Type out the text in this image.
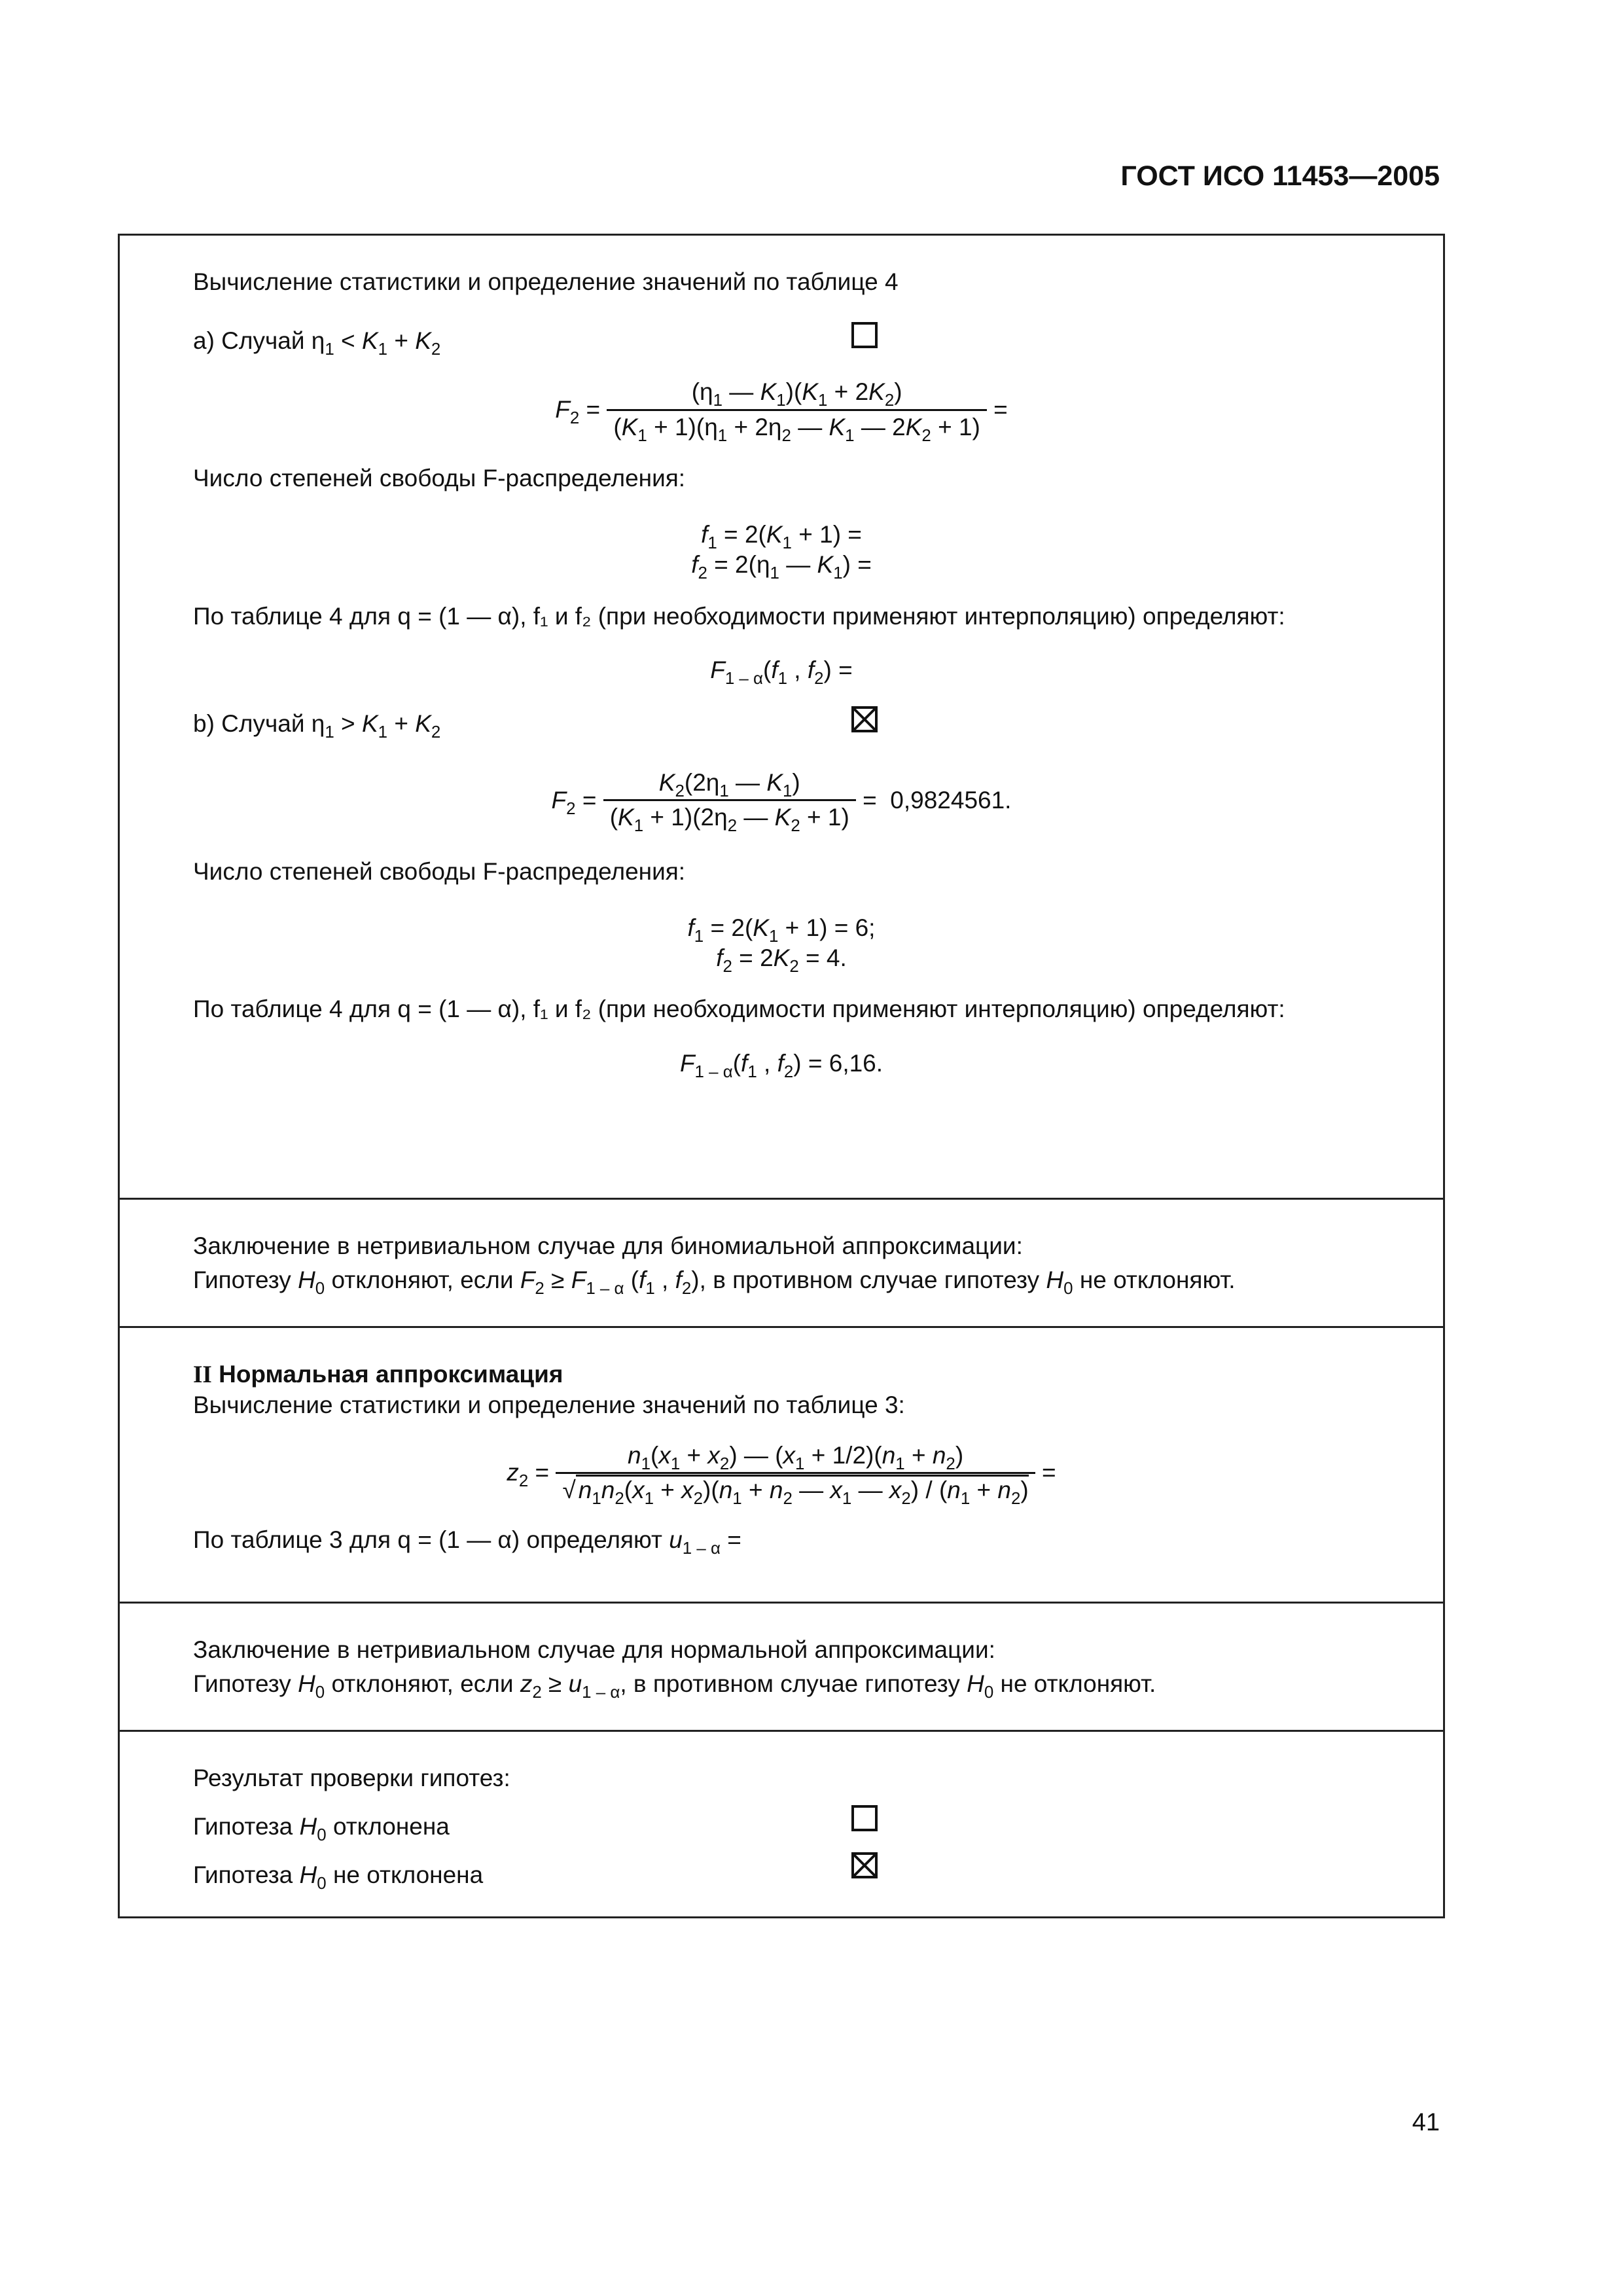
ГОСТ ИСО 11453—2005
Вычисление статистики и определение значений по таблице 4
a) Случай $\eta_1 < K_1 + K_2$
$F_2 = \frac{(\eta_1 — K_1)(K_1 + 2K_2)}{(K_1 + 1)(\eta_1 + 2\eta_2 — K_1 — 2K_2 + 1)}$ =
Число степеней свободы F-распределения:
$f_1 = 2(K_1 + 1)$ =
$f_2 = 2(\eta_1$ — $K_1$) =
По таблице 4 для q = (1 — α), f₁ и f₂ (при необходимости применяют интерполяцию) определяют:
$F_{1 - \alpha}(f_1$ , $f_2$) =
b) Случай $\eta_1 > K_1 + K_2$
$F_2 = \frac{K_2(2\eta_1 — K_1)}{(K_1 + 1)(2\eta_2 — K_2 + 1)} = 0,9824561$.
Число степеней свободы F-распределения:
$f_1 = 2(K_1 + 1) = 6$;
$f_2 = 2K_2 = 4$.
По таблице 4 для q = (1 — α), f₁ и f₂ (при необходимости применяют интерполяцию) определяют:
$F_{1 - \alpha}(f_1$ , $f_2) = 6,16$.
Заключение в нетривиальном случае для биномиальной аппроксимации:
Гипотезу $H_0$ отклоняют, если $F_2 \ge F_{1 - \alpha}$ ($f_1$ , $f_2$), в противном случае гипотезу $H_0$ не отклоняют.
II Нормальная аппроксимация
Вычисление статистики и определение значений по таблице 3:
$z_2 = \frac{n_1(x_1 + x_2) — (x_1 + 1/2)(n_1 + n_2)}{√ n_1n_2(x_1 + x_2)(n_1 + n_2 — x_1 — x_2) / (n_1 + n_2)}$ =
По таблице 3 для q = (1 — α) определяют $u_{1 - \alpha}$ =
Заключение в нетривиальном случае для нормальной аппроксимации:
Гипотезу $H_0$ отклоняют, если $z_2 \ge u_{1 - \alpha}$, в противном случае гипотезу $H_0$ не отклоняют.
Результат проверки гипотез:
Гипотеза $H_0$ отклонена
Гипотеза $H_0$ не отклонена
41
